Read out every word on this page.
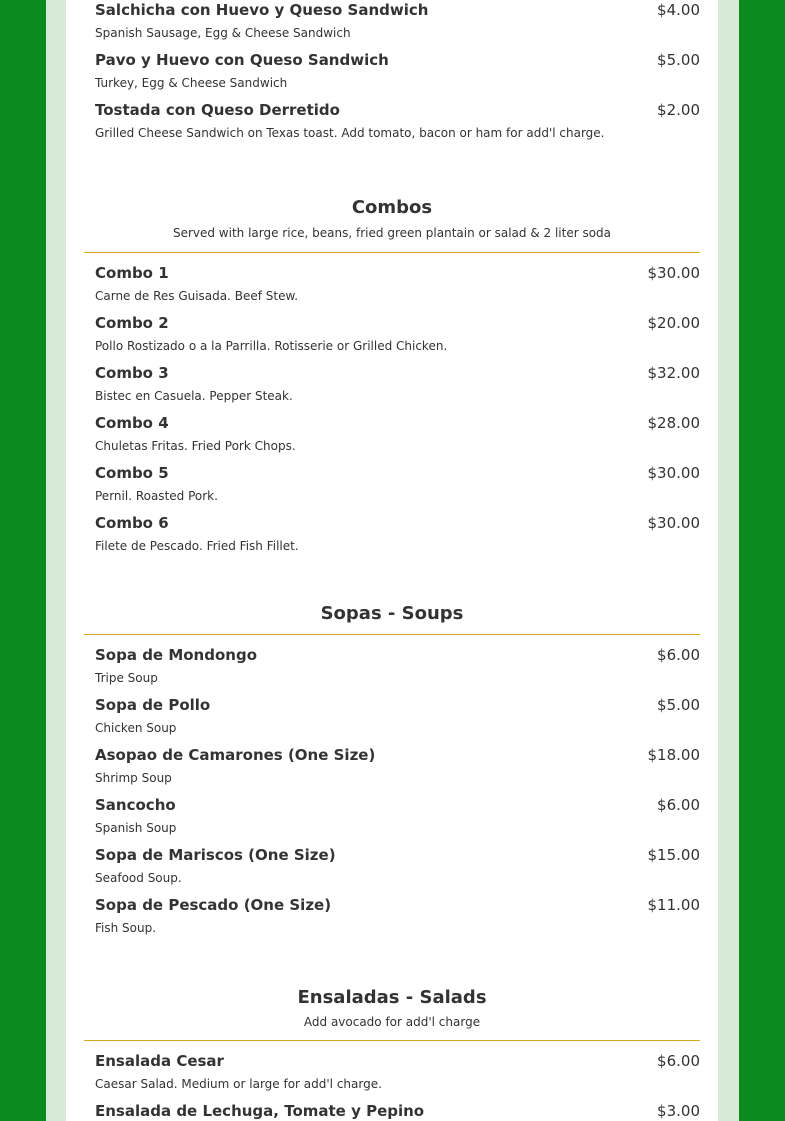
Salchicha con Huevo y Queso Sandwich	$4.00
Spanish Sausage, Egg & Cheese Sandwich
Pavo y Huevo con Queso Sandwich	$5.00
Turkey, Egg & Cheese Sandwich
Tostada con Queso Derretido	$2.00
Grilled Cheese Sandwich on Texas toast. Add tomato, bacon or ham for add'l charge.
Combos
Served with large rice, beans, fried green plantain or salad & 2 liter soda
Combo 1	$30.00
Carne de Res Guisada. Beef Stew.
Combo 2	$20.00
Pollo Rostizado o a la Parrilla. Rotisserie or Grilled Chicken.
Combo 3	$32.00
Bistec en Casuela. Pepper Steak.
Combo 4	$28.00
Chuletas Fritas. Fried Pork Chops.
Combo 5	$30.00
Pernil. Roasted Pork.
Combo 6	$30.00
Filete de Pescado. Fried Fish Fillet.
Sopas - Soups
Sopa de Mondongo	$6.00
Tripe Soup
Sopa de Pollo	$5.00
Chicken Soup
Asopao de Camarones (One Size)	$18.00
Shrimp Soup
Sancocho	$6.00
Spanish Soup
Sopa de Mariscos (One Size)	$15.00
Seafood Soup.
Sopa de Pescado (One Size)	$11.00
Fish Soup.
Ensaladas - Salads
Add avocado for add'l charge
Ensalada Cesar	$6.00
Caesar Salad. Medium or large for add'l charge.
Ensalada de Lechuga, Tomate y Pepino	$3.00
